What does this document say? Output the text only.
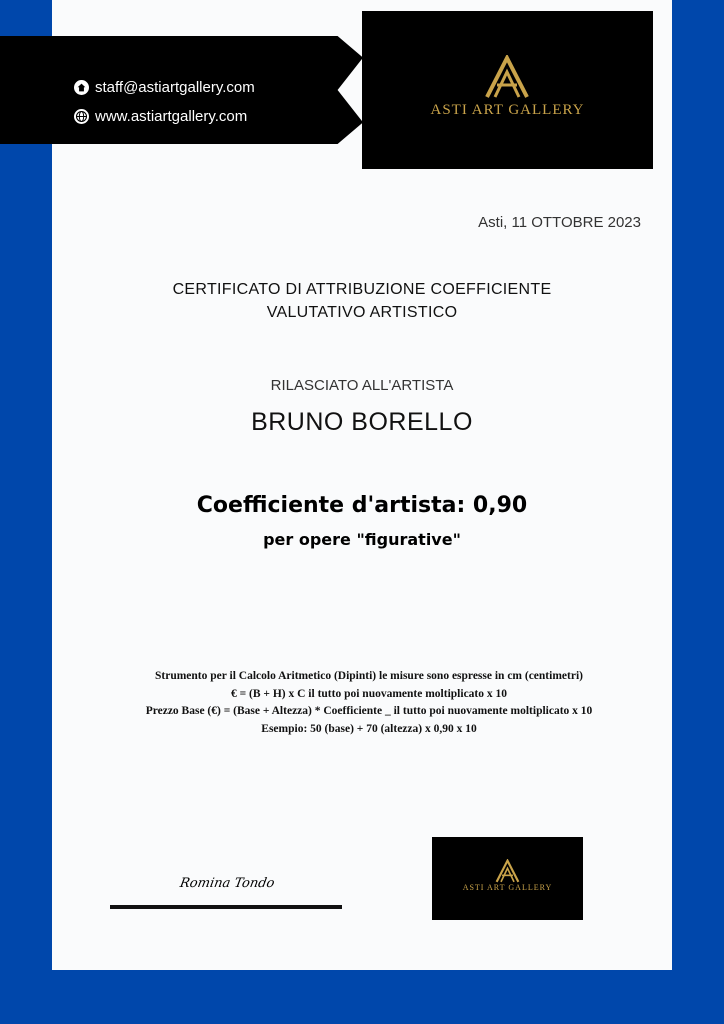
staff@astiartgallery.com
www.astiartgallery.com	ASTI ART GALLERY
Asti, 11 OTTOBRE 2023
CERTIFICATO DI ATTRIBUZIONE COEFFICIENTE
VALUTATIVO ARTISTICO
RILASCIATO ALL'ARTISTA
BRUNO BORELLO
Coefficiente d'artista: 0,90
per opere "figurative"
Strumento per il Calcolo Aritmetico (Dipinti) le misure sono espresse in cm (centimetri)
€ = (B + H) x C il tutto poi nuovamente moltiplicato x 10
Prezzo Base (€) = (Base + Altezza) * Coefficiente _ il tutto poi nuovamente moltiplicato x 10
Esempio: 50 (base) + 70 (altezza) x 0,90 x 10
Romina Tondo	ASTI ART GALLERY
